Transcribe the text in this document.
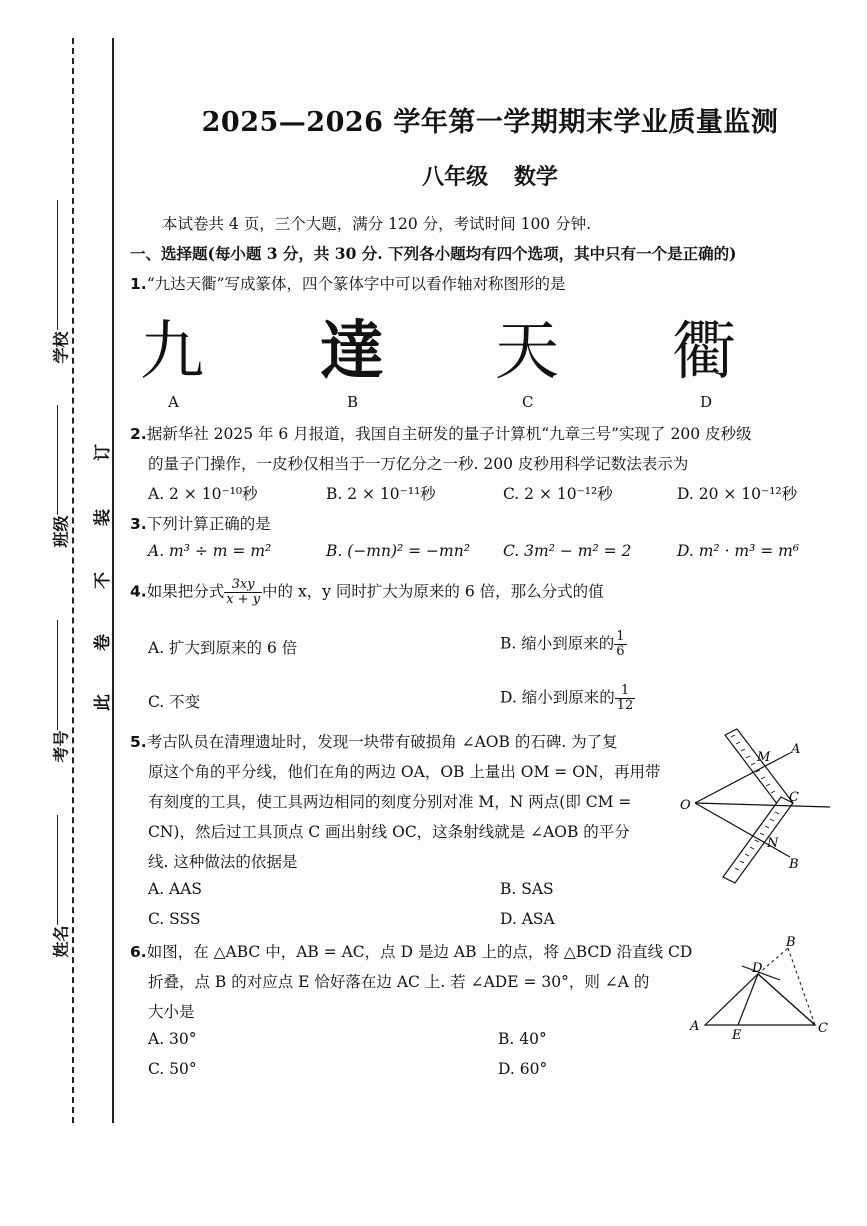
学校
班级
考号
姓名
订
装
不
卷
此
2025—2026 学年第一学期期末学业质量监测
八年级 数学
本试卷共 4 页，三个大题，满分 120 分，考试时间 100 分钟.
一、选择题(每小题 3 分，共 30 分. 下列各小题均有四个选项，其中只有一个是正确的)
1.“九达天衢”写成篆体，四个篆体字中可以看作轴对称图形的是
九 達 天 衢
A	B	C	D
2.据新华社 2025 年 6 月报道，我国自主研发的量子计算机“九章三号”实现了 200 皮秒级
的量子门操作，一皮秒仅相当于一万亿分之一秒. 200 皮秒用科学记数法表示为
A. 2 × 10⁻¹⁰秒	B. 2 × 10⁻¹¹秒	C. 2 × 10⁻¹²秒	D. 20 × 10⁻¹²秒
3.下列计算正确的是
A. m³ ÷ m = m²	B. (−mn)² = −mn² C. 3m² − m² = 2	D. m² · m³ = m⁶
4.如果把分式 $\frac{3xy}{x + y}$ 中的 x，y 同时扩大为原来的 6 倍，那么分式的值
A. 扩大到原来的 6 倍	B. 缩小到原来的 $\frac{1}{6}$
C. 不变	D. 缩小到原来的 $\frac{1}{12}$
5.考古队员在清理遗址时，发现一块带有破损角 ∠AOB 的石碑. 为了复
原这个角的平分线，他们在角的两边 OA，OB 上量出 OM = ON，再用带
有刻度的工具，使工具两边相同的刻度分别对准 M，N 两点(即 CM =
CN)，然后过工具顶点 C 画出射线 OC，这条射线就是 ∠AOB 的平分
线. 这种做法的依据是
A. AAS	B. SAS
C. SSS	D. ASA
O
M
A
C
N
B
6.如图，在 △ABC 中，AB = AC，点 D 是边 AB 上的点，将 △BCD 沿直线 CD
折叠，点 B 的对应点 E 恰好落在边 AC 上. 若 ∠ADE = 30°，则 ∠A 的
大小是
A. 30°	B. 40°
C. 50°	D. 60°
A
B
C
D
E
